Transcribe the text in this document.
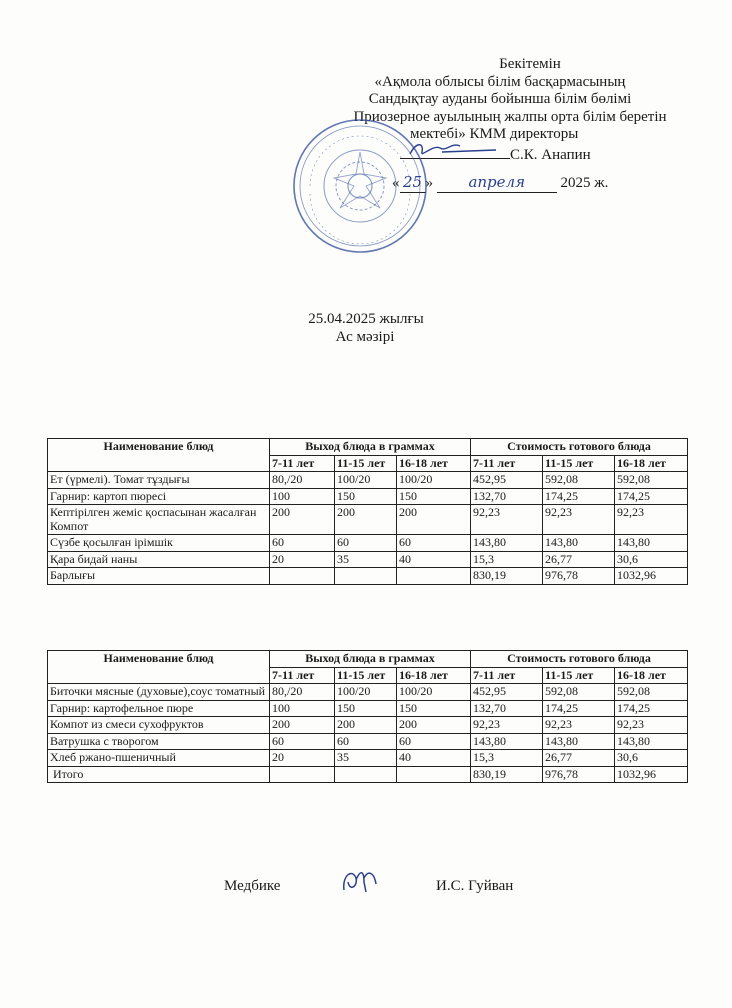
Бекітемін
«Ақмола облысы білім басқармасының
Сандықтау ауданы бойынша білім бөлімі
Приозерное ауылының жалпы орта білім беретін
мектебі» КММ директоры
С.К. Анапин
« 25 » апреля 2025 ж.
25.04.2025 жылғы
Ас мәзірі
Наименование блюд	Выход блюда в граммах			Стоимость готового блюда		
	7-11 лет	11-15 лет	16-18 лет	7-11 лет	11-15 лет	16-18 лет
Ет (үрмелі). Томат тұздығы	80,/20	100/20	100/20	452,95	592,08	592,08
Гарнир: картоп пюресі	100	150	150	132,70	174,25	174,25
Кептірілген жеміс қоспасынан жасалған Компот	200	200	200	92,23	92,23	92,23
Сүзбе қосылған ірімшік	60	60	60	143,80	143,80	143,80
Қара бидай наны	20	35	40	15,3	26,77	30,6
Барлығы				830,19	976,78	1032,96
Наименование блюд	Выход блюда в граммах			Стоимость готового блюда		
	7-11 лет	11-15 лет	16-18 лет	7-11 лет	11-15 лет	16-18 лет
Биточки мясные (духовые),соус томатный	80,/20	100/20	100/20	452,95	592,08	592,08
Гарнир: картофельное пюре	100	150	150	132,70	174,25	174,25
Компот из смеси сухофруктов	200	200	200	92,23	92,23	92,23
Ватрушка с творогом	60	60	60	143,80	143,80	143,80
Хлеб ржано-пшеничный	20	35	40	15,3	26,77	30,6
Итого				830,19	976,78	1032,96
Медбике	И.С. Гуйван
